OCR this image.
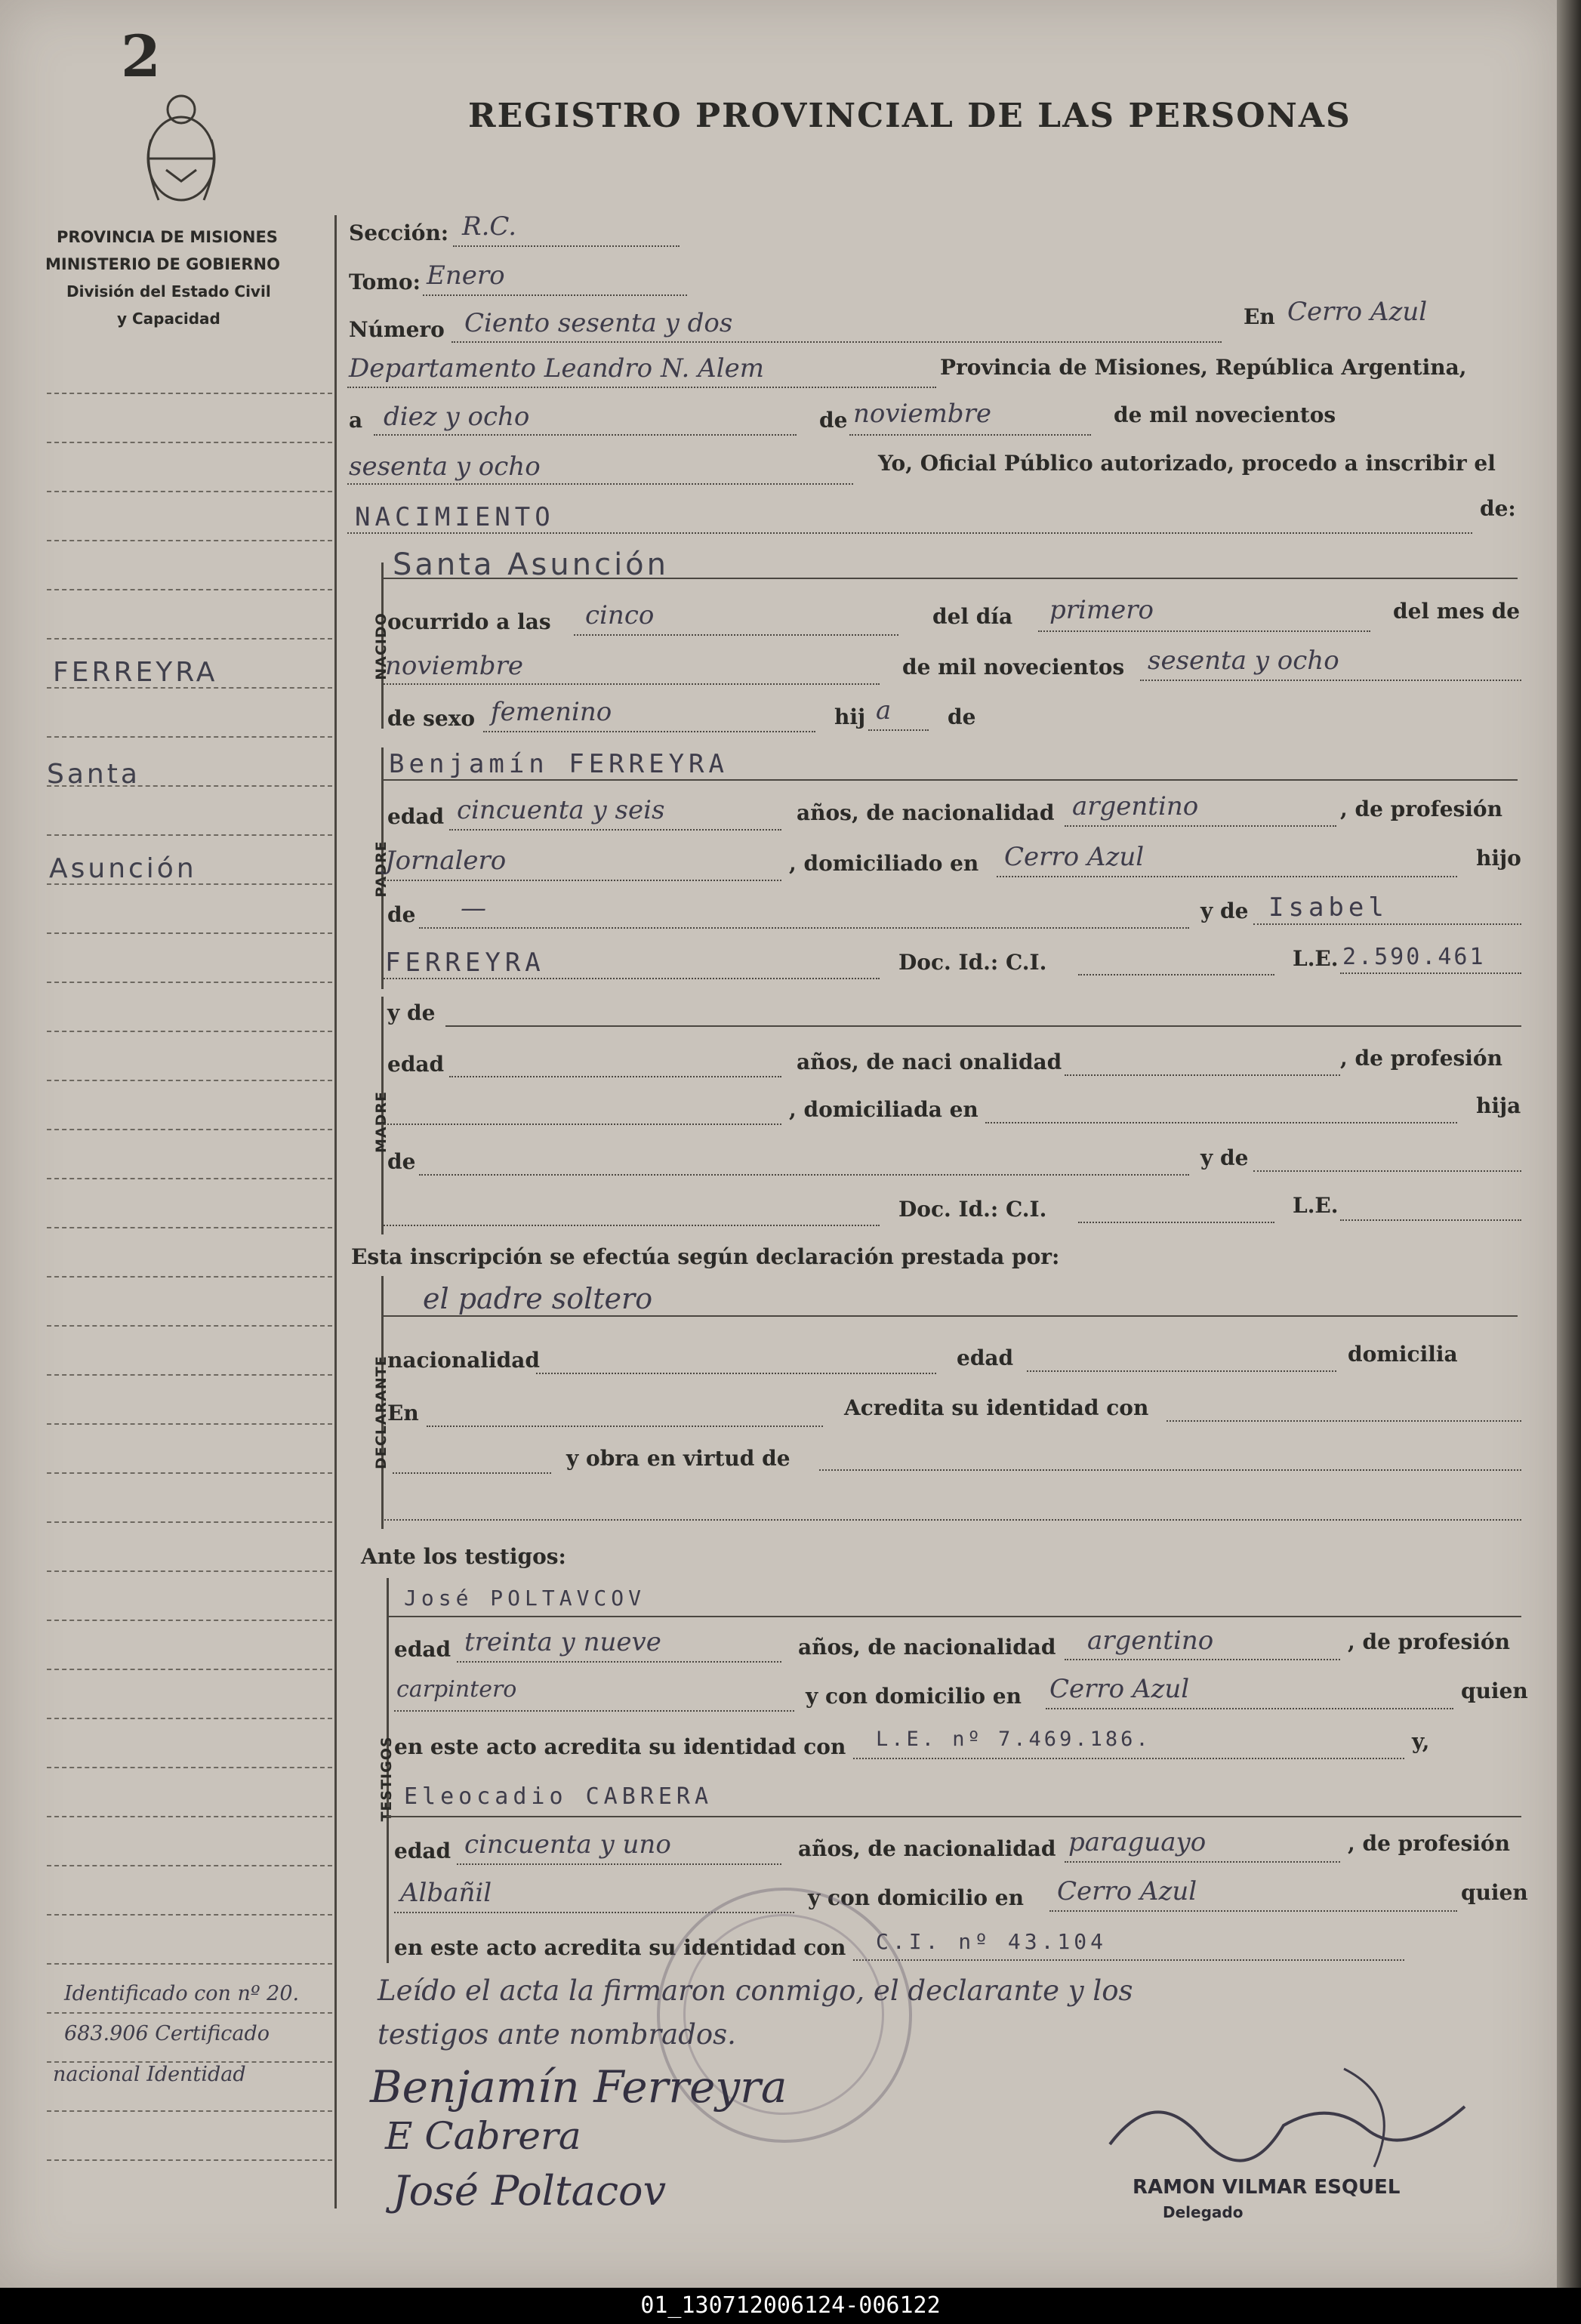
2
REGISTRO PROVINCIAL DE LAS PERSONAS
PROVINCIA DE MISIONES
MINISTERIO DE GOBIERNO
División del Estado Civil
y Capacidad
FERREYRA
Santa
Asunción
Identificado con nº 20.
683.906 Certificado
nacional Identidad
Sección: R.C.
Tomo: Enero
Número Ciento sesenta y dos	En Cerro Azul
Departamento Leandro N. Alem	Provincia de Misiones, República Argentina,
a diez y ocho	de noviembre	de mil novecientos
sesenta y ocho	Yo, Oficial Público autorizado, procedo a inscribir el
NACIMIENTO	de:
NACIDO
Santa Asunción
ocurrido a las cinco	del día primero	del mes de
noviembre	de mil novecientos sesenta y ocho
de sexo femenino	hij a	de
PADRE
Benjamín FERREYRA
edad cincuenta y seis	años, de nacionalidad argentino	, de profesión
Jornalero	, domiciliado en Cerro Azul	hijo
de —	y de Isabel
FERREYRA	Doc. Id.: C.I.	L.E. 2.590.461
MADRE
y de
edad	años, de naci onalidad	, de profesión
, domiciliada en	hija
de	y de
Doc. Id.: C.I.	L.E.
Esta inscripción se efectúa según declaración prestada por:
DECLARANTE
el padre soltero
nacionalidad	edad	domicilia
En	Acredita su identidad con
y obra en virtud de
Ante los testigos:
TESTIGOS
José POLTAVCOV
edad treinta y nueve	años, de nacionalidad argentino	, de profesión
carpintero	y con domicilio en Cerro Azul	quien
en este acto acredita su identidad con L.E. nº 7.469.186.	y,
Eleocadio CABRERA
edad cincuenta y uno	años, de nacionalidad paraguayo	, de profesión
Albañil	y con domicilio en Cerro Azul	quien
en este acto acredita su identidad con C.I. nº 43.104
Leído el acta la firmaron conmigo, el declarante y los
testigos ante nombrados.
Benjamín Ferreyra
E Cabrera
José Poltacov	RAMON VILMAR ESQUEL
Delegado
01_130712006124-006122
